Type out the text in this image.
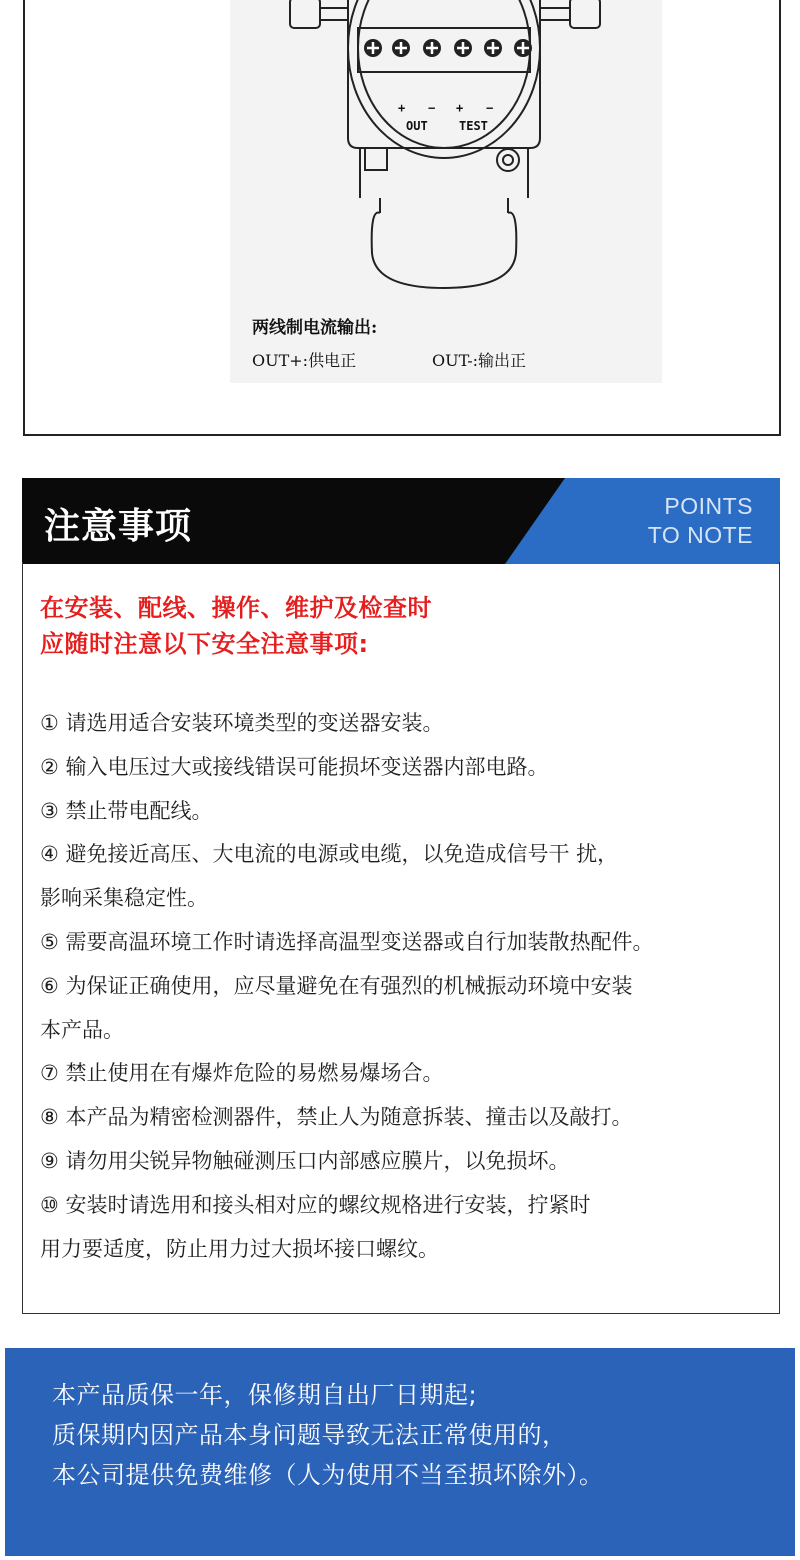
+ − + −
OUT	TEST
两线制电流输出:
OUT+:供电正	OUT-:输出正
注意事项	POINTS
TO NOTE
在安装、配线、操作、维护及检查时
应随时注意以下安全注意事项:
① 请选用适合安装环境类型的变送器安装。
② 输入电压过大或接线错误可能损坏变送器内部电路。
③ 禁止带电配线。
④ 避免接近高压、大电流的电源或电缆，以免造成信号干 扰，
影响采集稳定性。
⑤ 需要高温环境工作时请选择高温型变送器或自行加装散热配件。
⑥ 为保证正确使用，应尽量避免在有强烈的机械振动环境中安装
本产品。
⑦ 禁止使用在有爆炸危险的易燃易爆场合。
⑧ 本产品为精密检测器件，禁止人为随意拆装、撞击以及敲打。
⑨ 请勿用尖锐异物触碰测压口内部感应膜片，以免损坏。
⑩ 安装时请选用和接头相对应的螺纹规格进行安装，拧紧时
用力要适度，防止用力过大损坏接口螺纹。
本产品质保一年，保修期自出厂日期起;
质保期内因产品本身问题导致无法正常使用的，
本公司提供免费维修（人为使用不当至损坏除外）。
